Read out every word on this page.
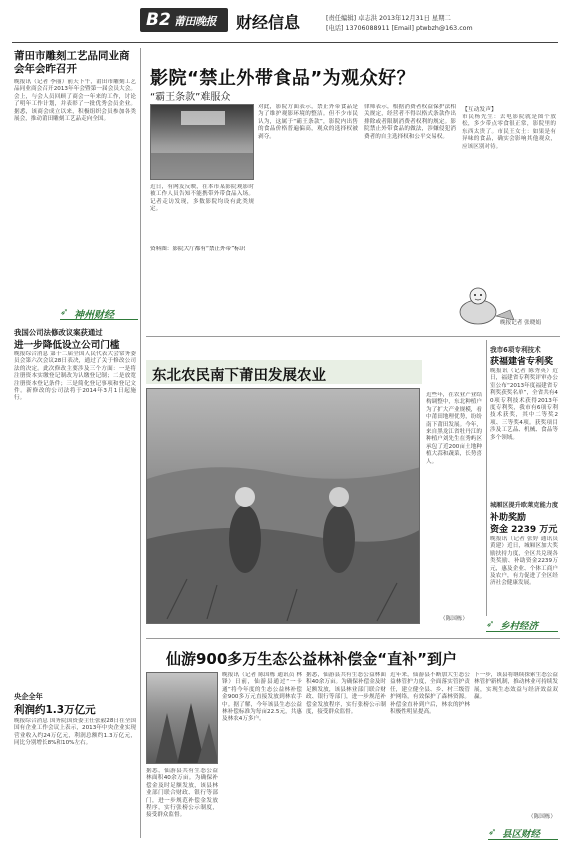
B2 莆田晚报 财经信息	[责任编辑] 卓志洪 2013年12月31日 星期二
[电话] 13706088911 [Email] ptwbzh@163.com
莆田市雕刻工艺品同业商会年会昨召开
晚报讯（记者 李丽）前天下午，莆田市雕刻工艺品同业商会召开2013年年会暨第一届会员大会。会上，与会人员回顾了商会一年来的工作，讨论了明年工作计划，并表彰了一批优秀会员企业。据悉，该商会成立以来，积极组织会员参加各类展会，推动莆田雕刻工艺品走向全国。
➶ 神州财经
我国公司法修改议案获通过
进一步降低设立公司门槛
晚报综合消息 第十二届全国人民代表大会常务委员会第六次会议28日表决，通过了关于修改公司法的决定。此次修改主要涉及三个方面：一是将注册资本实缴登记制改为认缴登记制；二是放宽注册资本登记条件；三是简化登记事项和登记文件。新修改的公司法将于2014年3月1日起施行。
央企全年
利润约1.3万亿元
晚报综合消息 国务院国资委主任张毅28日在全国国有企业工作会议上表示，2013年中央企业实现营业收入约24万亿元，利润总额约1.3万亿元，同比分别增长8%和10%左右。
影院“禁止外带食品”为观众好？
“霸王条款”难服众
近日，有网友反映，在本市某影院观影时被工作人员告知不能携带外带食品入场。记者走访发现，多数影院均设有此类规定。
资料图：影院大厅都有“禁止外带”标识
对此，影院方面表示，禁止外带食品是为了维护观影环境的整洁。但不少市民认为，这属于“霸王条款”，影院内出售的食品价格普遍偏高，观众的选择权被剥夺。
律师表示，根据消费者权益保护法相关规定，经营者不得以格式条款作出排除或者限制消费者权利的规定。影院禁止外带食品的做法，涉嫌侵犯消费者的自主选择权和公平交易权。
【互动发声】
市民杨先生：去电影院就是图个放松，多少带点零食很正常，影院里的东西太贵了。市民王女士：如果是有异味的食品，确实会影响其他观众，应该区别对待。
晚报记者 张晓娟
东北农民南下莆田发展农业
近些年，在农业产业结构调整中，东北种植户为了扩大产业规模，看中莆田地理优势，纷纷南下莆田发展。今年，来自黑龙江省牡丹江的种植户刘先生在秀屿区承包了近200亩土地种植大蒜和蔬菜，长势喜人。
（陈国栋） ➶ 乡村经济
我市6项专利技术
获福建省专利奖
晚报讯（记者 陈秀英）近日，福建省专利奖评审办公室公布“2013年度福建省专利奖获奖名单”，全省共有40项专利技术获得2013年度专利奖，我市有6项专利技术获奖，其中二等奖2项、三等奖4项。获奖项目涉及工艺品、机械、食品等多个领域。
城厢区提升欧莱克能力度
补助奖励
资金 2239 万元
晚报讯（记者 张婷 通讯员 黄建）近日，城厢区加大奖励扶持力度，全区共兑现各类奖励、补助资金2239万元，惠及企业、个体工商户及农户，有力促进了全区经济社会健康发展。
仙游900多万生态公益林补偿金“直补”到户
晚报讯（记者 陈国栋 通讯员 林锋）日前，仙游县通过“一卡通”将今年度的生态公益林补偿金900多万元直接发放到林农手中。据了解，今年该县生态公益林补偿标准为每亩22.5元，共惠及林农4万多户。
据悉，仙游县共有生态公益林面积40余万亩。为确保补偿金及时足额发放，该县林业部门联合财政、银行等部门，进一步规范补偿金发放程序，实行张榜公示制度，接受群众监督。
近年来，仙游县不断加大生态公益林管护力度，全面落实管护责任，建立健全县、乡、村三级管护网络，有效保护了森林资源。补偿金直补到户后，林农的护林积极性明显提高。
下一步，该县将继续探索生态公益林管护新机制，推动林业可持续发展，实现生态效益与经济效益双赢。
（陈国栋）
据悉，仙游县共有生态公益林面积40余万亩。为确保补偿金及时足额发放，该县林业部门联合财政、银行等部门，进一步规范补偿金发放程序，实行张榜公示制度，接受群众监督。
➶ 县区财经
